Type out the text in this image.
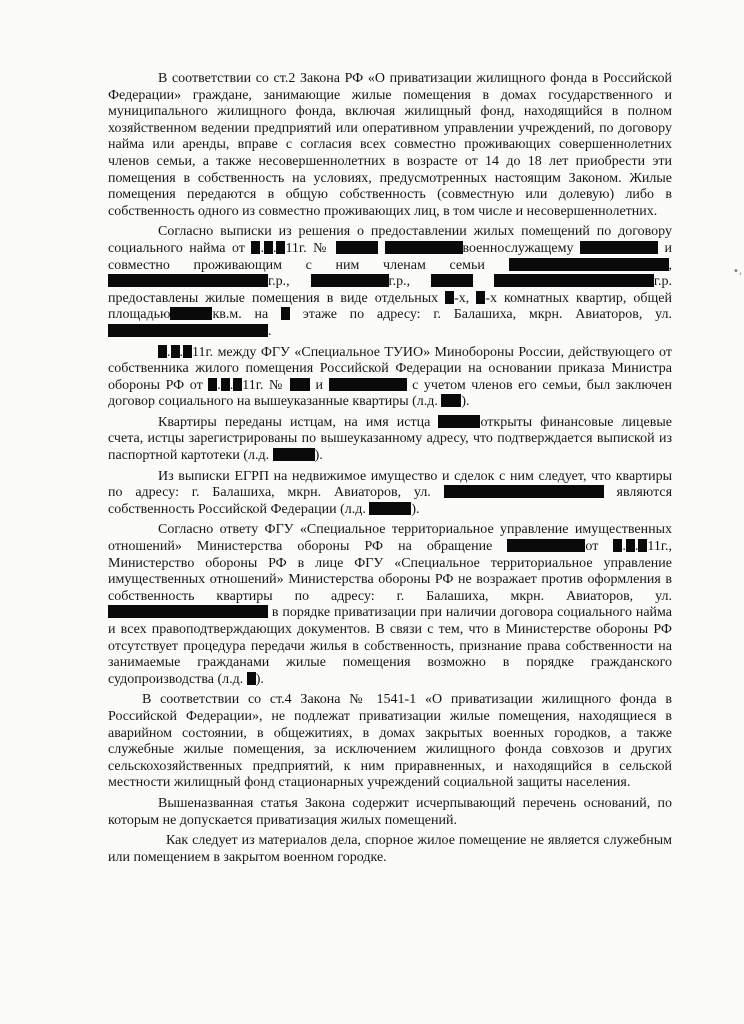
В соответствии со ст.2 Закона РФ «О приватизации жилищного фонда в Российской Федерации» граждане, занимающие жилые помещения в домах государственного и муниципального жилищного фонда, включая жилищный фонд, находящийся в полном хозяйственном ведении предприятий или оперативном управлении учреждений, по договору найма или аренды, вправе с согласия всех совместно проживающих совершеннолетних членов семьи, а также несовершеннолетних в возрасте от 14 до 18 лет приобрести эти помещения в собственность на условиях, предусмотренных настоящим Законом. Жилые помещения передаются в общую собственность (совместную или долевую) либо в собственность одного из совместно проживающих лиц, в том числе и несовершеннолетних.

Согласно выписки из решения о предоставлении жилых помещений по договору социального найма от . . 11г. №	военнослужащему	и совместно проживающим с ним членам семьи	, г.р.,	г.р.,	г.р. предоставлены жилые помещения в виде отдельных -х, -х комнатных квартир, общей площадью	кв.м. на этаже по адресу: г. Балашиха, мкрн. Авиаторов, ул. .

. . 11г. между ФГУ «Специальное ТУИО» Минобороны России, действующего от собственника жилого помещения Российской Федерации на основании приказа Министра обороны РФ от . . 11г. № и	с учетом членов его семьи, был заключен договор социального на вышеуказанные квартиры (л.д. ).

Квартиры переданы истцам, на имя истца	открыты финансовые лицевые счета, истцы зарегистрированы по вышеуказанному адресу, что подтверждается выпиской из паспортной картотеки (л.д.	).

Из выписки ЕГРП на недвижимое имущество и сделок с ним следует, что квартиры по адресу: г. Балашиха, мкрн. Авиаторов, ул.	являются собственность Российской Федерации (л.д.	).

Согласно ответу ФГУ «Специальное территориальное управление имущественных отношений» Министерства обороны РФ на обращение	от . . 11г., Министерство обороны РФ в лице ФГУ «Специальное территориальное управление имущественных отношений» Министерства обороны РФ не возражает против оформления в собственность квартиры по адресу: г. Балашиха, мкрн. Авиаторов, ул.  в порядке приватизации при наличии договора социального найма и всех правоподтверждающих документов. В связи с тем, что в Министерстве обороны РФ отсутствует процедура передачи жилья в собственность, признание права собственности на занимаемые гражданами жилые помещения возможно в порядке гражданского судопроизводства (л.д. ).

В соответствии со ст.4 Закона № 1541-1 «О приватизации жилищного фонда в Российской Федерации», не подлежат приватизации жилые помещения, находящиеся в аварийном состоянии, в общежитиях, в домах закрытых военных городков, а также служебные жилые помещения, за исключением жилищного фонда совхозов и других сельскохозяйственных предприятий, к ним приравненных, и находящийся в сельской местности жилищный фонд стационарных учреждений социальной защиты населения.

Вышеназванная статья Закона содержит исчерпывающий перечень оснований, по которым не допускается приватизация жилых помещений.

Как следует из материалов дела, спорное жилое помещение не является служебным или помещением в закрытом военном городке.

•,
